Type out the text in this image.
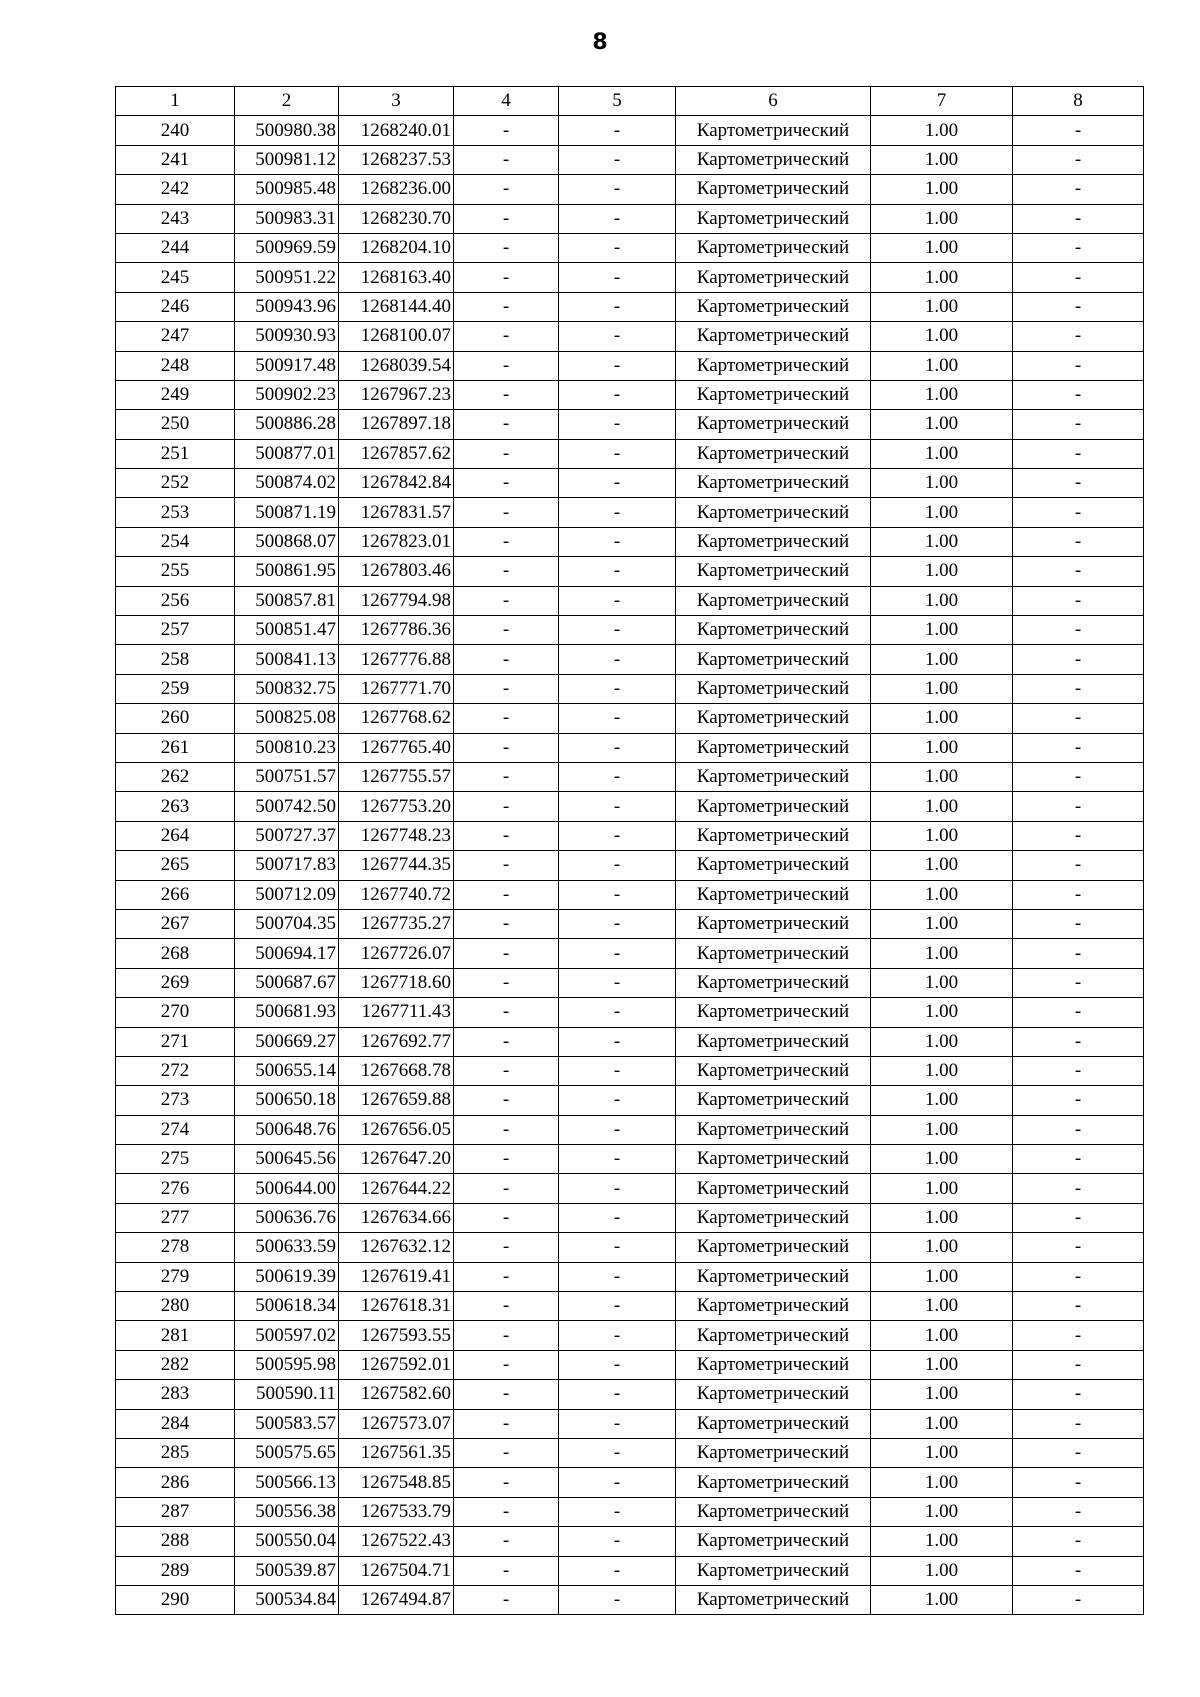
8
1	2	3	4	5	6	7	8
240	500980.38	1268240.01	-	-	Картометрический	1.00	-
241	500981.12	1268237.53	-	-	Картометрический	1.00	-
242	500985.48	1268236.00	-	-	Картометрический	1.00	-
243	500983.31	1268230.70	-	-	Картометрический	1.00	-
244	500969.59	1268204.10	-	-	Картометрический	1.00	-
245	500951.22	1268163.40	-	-	Картометрический	1.00	-
246	500943.96	1268144.40	-	-	Картометрический	1.00	-
247	500930.93	1268100.07	-	-	Картометрический	1.00	-
248	500917.48	1268039.54	-	-	Картометрический	1.00	-
249	500902.23	1267967.23	-	-	Картометрический	1.00	-
250	500886.28	1267897.18	-	-	Картометрический	1.00	-
251	500877.01	1267857.62	-	-	Картометрический	1.00	-
252	500874.02	1267842.84	-	-	Картометрический	1.00	-
253	500871.19	1267831.57	-	-	Картометрический	1.00	-
254	500868.07	1267823.01	-	-	Картометрический	1.00	-
255	500861.95	1267803.46	-	-	Картометрический	1.00	-
256	500857.81	1267794.98	-	-	Картометрический	1.00	-
257	500851.47	1267786.36	-	-	Картометрический	1.00	-
258	500841.13	1267776.88	-	-	Картометрический	1.00	-
259	500832.75	1267771.70	-	-	Картометрический	1.00	-
260	500825.08	1267768.62	-	-	Картометрический	1.00	-
261	500810.23	1267765.40	-	-	Картометрический	1.00	-
262	500751.57	1267755.57	-	-	Картометрический	1.00	-
263	500742.50	1267753.20	-	-	Картометрический	1.00	-
264	500727.37	1267748.23	-	-	Картометрический	1.00	-
265	500717.83	1267744.35	-	-	Картометрический	1.00	-
266	500712.09	1267740.72	-	-	Картометрический	1.00	-
267	500704.35	1267735.27	-	-	Картометрический	1.00	-
268	500694.17	1267726.07	-	-	Картометрический	1.00	-
269	500687.67	1267718.60	-	-	Картометрический	1.00	-
270	500681.93	1267711.43	-	-	Картометрический	1.00	-
271	500669.27	1267692.77	-	-	Картометрический	1.00	-
272	500655.14	1267668.78	-	-	Картометрический	1.00	-
273	500650.18	1267659.88	-	-	Картометрический	1.00	-
274	500648.76	1267656.05	-	-	Картометрический	1.00	-
275	500645.56	1267647.20	-	-	Картометрический	1.00	-
276	500644.00	1267644.22	-	-	Картометрический	1.00	-
277	500636.76	1267634.66	-	-	Картометрический	1.00	-
278	500633.59	1267632.12	-	-	Картометрический	1.00	-
279	500619.39	1267619.41	-	-	Картометрический	1.00	-
280	500618.34	1267618.31	-	-	Картометрический	1.00	-
281	500597.02	1267593.55	-	-	Картометрический	1.00	-
282	500595.98	1267592.01	-	-	Картометрический	1.00	-
283	500590.11	1267582.60	-	-	Картометрический	1.00	-
284	500583.57	1267573.07	-	-	Картометрический	1.00	-
285	500575.65	1267561.35	-	-	Картометрический	1.00	-
286	500566.13	1267548.85	-	-	Картометрический	1.00	-
287	500556.38	1267533.79	-	-	Картометрический	1.00	-
288	500550.04	1267522.43	-	-	Картометрический	1.00	-
289	500539.87	1267504.71	-	-	Картометрический	1.00	-
290	500534.84	1267494.87	-	-	Картометрический	1.00	-
